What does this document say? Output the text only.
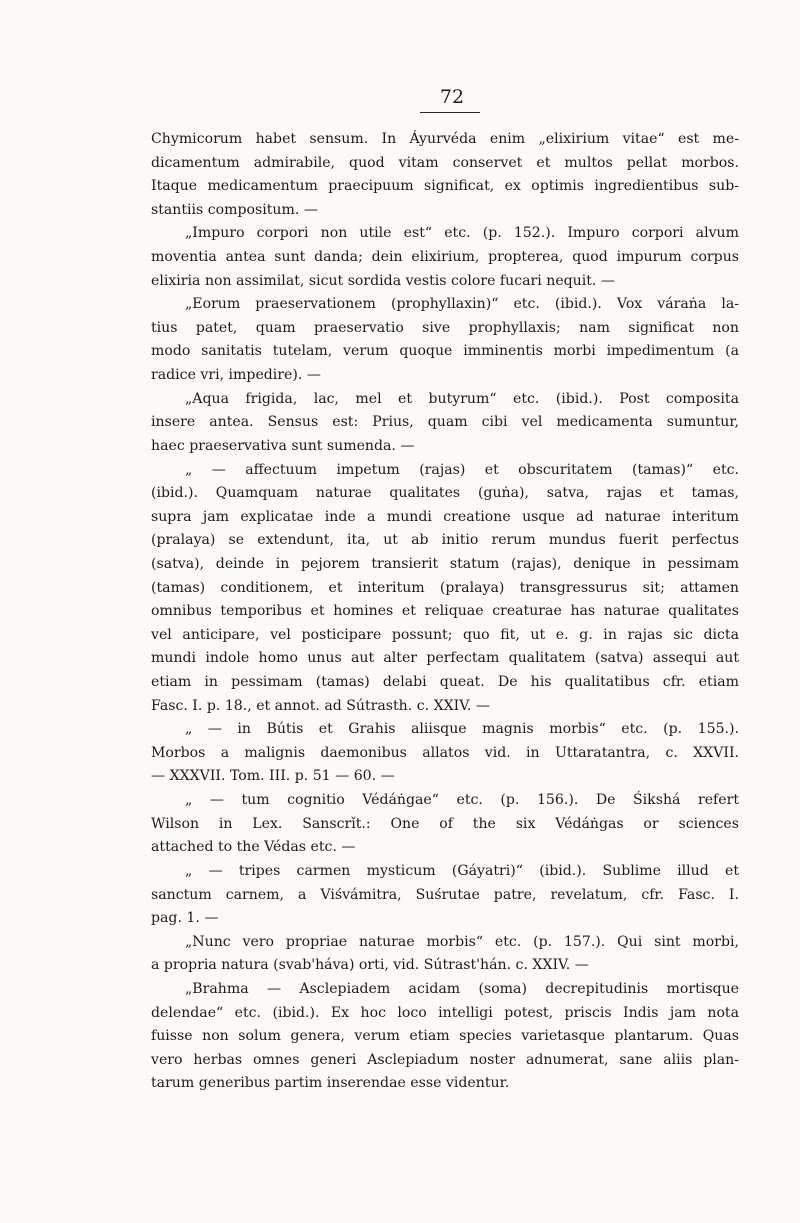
72
Chymicorum habet sensum. In Áyurvéda enim „elixirium vitae“ est me-
dicamentum admirabile, quod vitam conservet et multos pellat morbos.
Itaque medicamentum praecipuum significat, ex optimis ingredientibus sub-
stantiis compositum. —
„Impuro corpori non utile est“ etc. (p. 152.). Impuro corpori alvum
moventia antea sunt danda; dein elixirium, propterea, quod impurum corpus
elixiria non assimilat, sicut sordida vestis colore fucari nequit. —
„Eorum praeservationem (prophyllaxin)“ etc. (ibid.). Vox váraṅa la-
tius patet, quam praeservatio sive prophyllaxis; nam significat non
modo sanitatis tutelam, verum quoque imminentis morbi impedimentum (a
radice vri, impedire). —
„Aqua frigida, lac, mel et butyrum“ etc. (ibid.). Post composita
insere antea. Sensus est: Prius, quam cibi vel medicamenta sumuntur,
haec praeservativa sunt sumenda. —
„ — affectuum impetum (rajas) et obscuritatem (tamas)“ etc.
(ibid.). Quamquam naturae qualitates (guṅa), satva, rajas et tamas,
supra jam explicatae inde a mundi creatione usque ad naturae interitum
(pralaya) se extendunt, ita, ut ab initio rerum mundus fuerit perfectus
(satva), deinde in pejorem transierit statum (rajas), denique in pessimam
(tamas) conditionem, et interitum (pralaya) transgressurus sit; attamen
omnibus temporibus et homines et reliquae creaturae has naturae qualitates
vel anticipare, vel posticipare possunt; quo fit, ut e. g. in rajas sic dicta
mundi indole homo unus aut alter perfectam qualitatem (satva) assequi aut
etiam in pessimam (tamas) delabi queat. De his qualitatibus cfr. etiam
Fasc. I. p. 18., et annot. ad Sútrasth. c. XXIV. —
„ — in Bútis et Grahis aliisque magnis morbis“ etc. (p. 155.).
Morbos a malignis daemonibus allatos vid. in Uttaratantra, c. XXVII.
— XXXVII. Tom. III. p. 51 — 60. —
„ — tum cognitio Védáṅgae“ etc. (p. 156.). De Śikshá refert
Wilson in Lex. Sanscrǐt.: One of the six Védáṅgas or sciences
attached to the Védas etc. —
„ — tripes carmen mysticum (Gáyatri)“ (ibid.). Sublime illud et
sanctum carnem, a Viśvámitra, Suśrutae patre, revelatum, cfr. Fasc. I.
pag. 1. —
„Nunc vero propriae naturae morbis“ etc. (p. 157.). Qui sint morbi,
a propria natura (svab'háva) orti, vid. Sútrast'hán. c. XXIV. —
„Brahma — Asclepiadem acidam (soma) decrepitudinis mortisque
delendae“ etc. (ibid.). Ex hoc loco intelligi potest, priscis Indis jam nota
fuisse non solum genera, verum etiam species varietasque plantarum. Quas
vero herbas omnes generi Asclepiadum noster adnumerat, sane aliis plan-
tarum generibus partim inserendae esse videntur.
